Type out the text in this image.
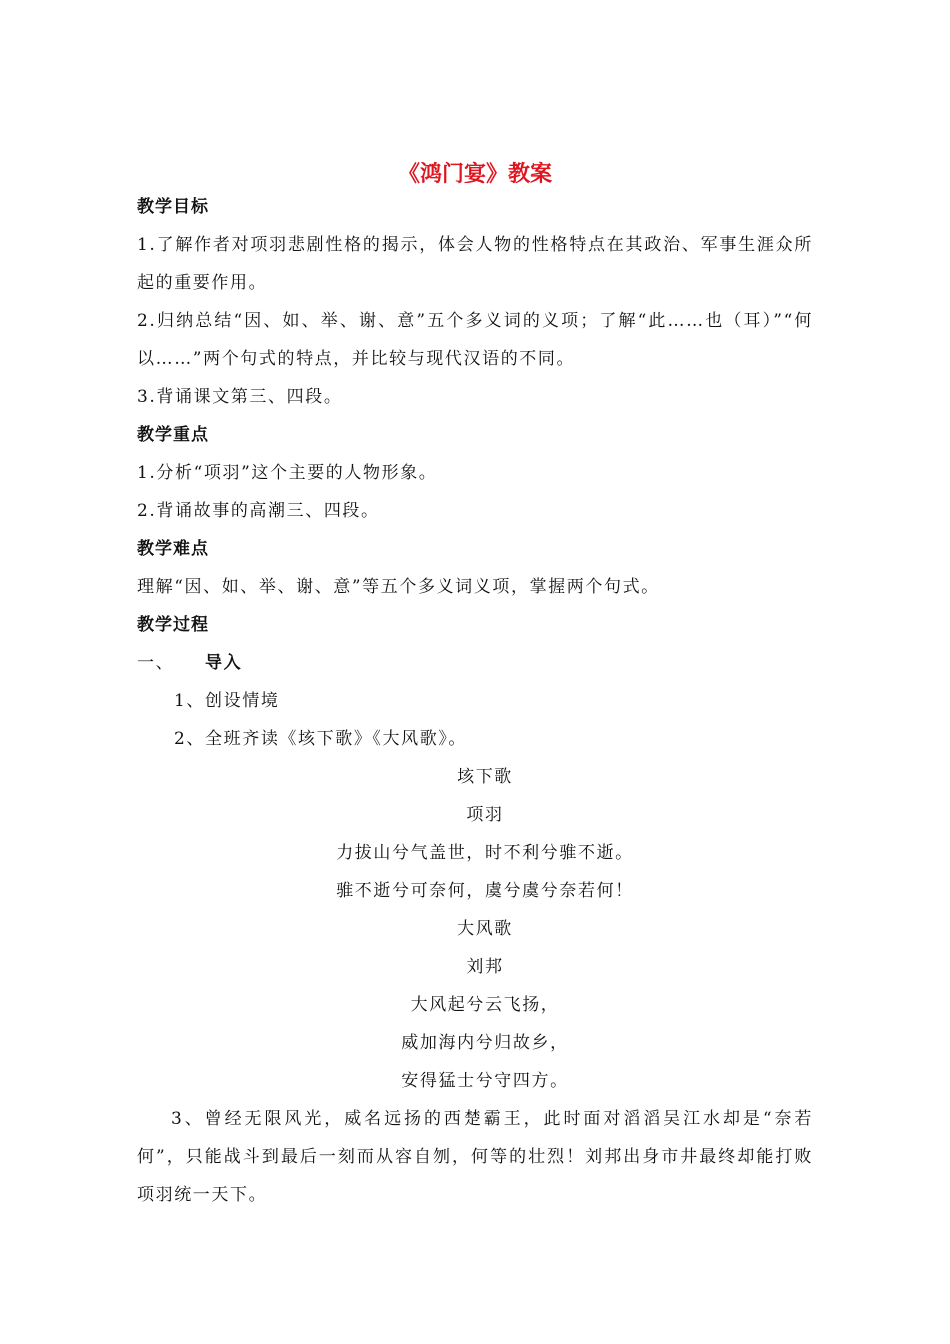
《鸿门宴》教案
教学目标
1.了解作者对项羽悲剧性格的揭示，体会人物的性格特点在其政治、军事生涯众所起的重要作用。
2.归纳总结“因、如、举、谢、意”五个多义词的义项；了解“此……也（耳）”“何以……”两个句式的特点，并比较与现代汉语的不同。
3.背诵课文第三、四段。
教学重点
1.分析“项羽”这个主要的人物形象。
2.背诵故事的高潮三、四段。
教学难点
理解“因、如、举、谢、意”等五个多义词义项，掌握两个句式。
教学过程
一、 导入
1、创设情境
2、全班齐读《垓下歌》《大风歌》。
垓下歌
项羽
力拔山兮气盖世，时不利兮骓不逝。
骓不逝兮可奈何，虞兮虞兮奈若何！
大风歌
刘邦
大风起兮云飞扬，
威加海内兮归故乡，
安得猛士兮守四方。
3、曾经无限风光，威名远扬的西楚霸王，此时面对滔滔吴江水却是“奈若何”，只能战斗到最后一刻而从容自刎，何等的壮烈！刘邦出身市井最终却能打败项羽统一天下。
